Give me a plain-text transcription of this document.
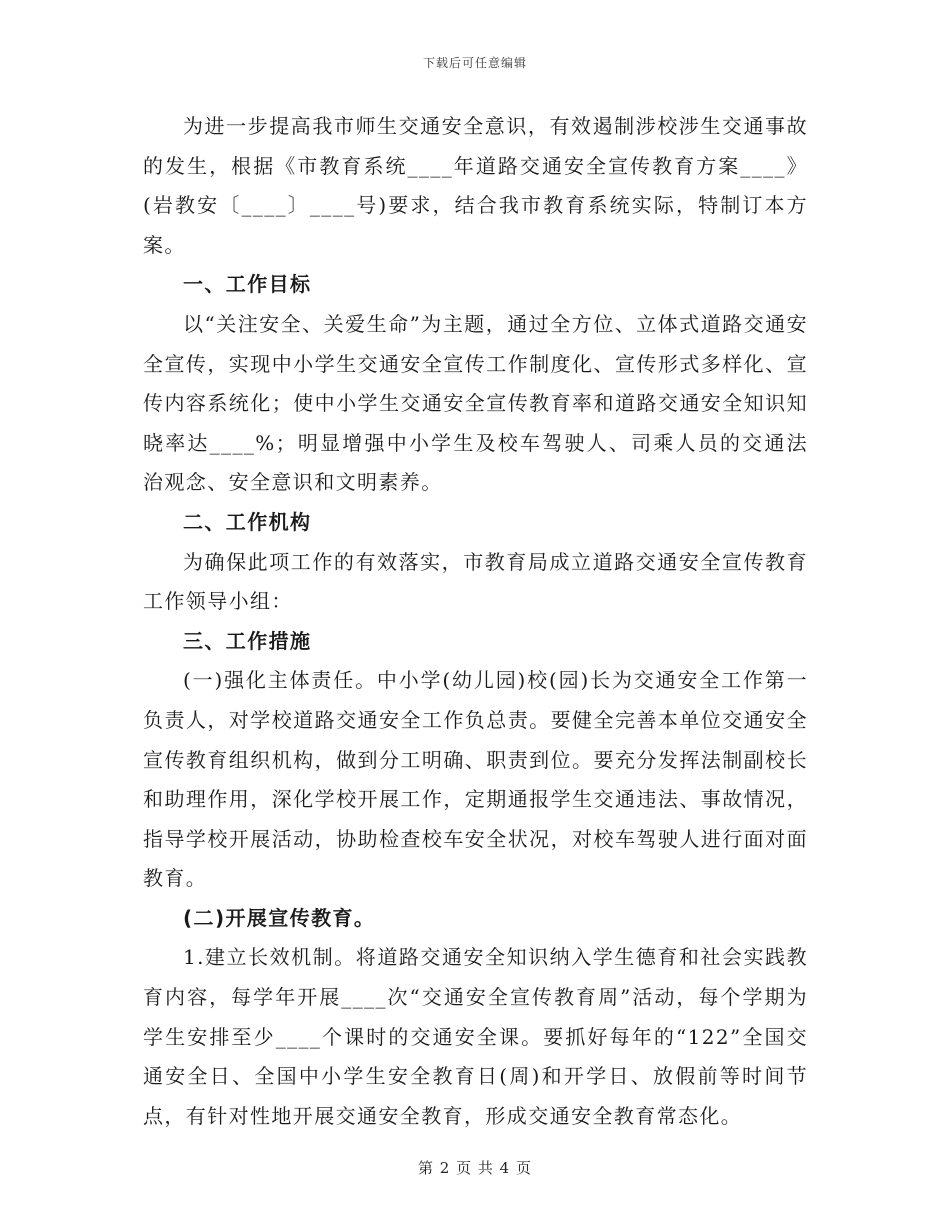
下载后可任意编辑

为进一步提高我市师生交通安全意识，有效遏制涉校涉生交通事故的发生，根据《市教育系统____年道路交通安全宣传教育方案____》(岩教安〔____〕____号)要求，结合我市教育系统实际，特制订本方案。

一、工作目标

以“关注安全、关爱生命”为主题，通过全方位、立体式道路交通安全宣传，实现中小学生交通安全宣传工作制度化、宣传形式多样化、宣传内容系统化；使中小学生交通安全宣传教育率和道路交通安全知识知晓率达____%；明显增强中小学生及校车驾驶人、司乘人员的交通法治观念、安全意识和文明素养。

二、工作机构

为确保此项工作的有效落实，市教育局成立道路交通安全宣传教育工作领导小组：

三、工作措施

(一)强化主体责任。中小学(幼儿园)校(园)长为交通安全工作第一负责人，对学校道路交通安全工作负总责。要健全完善本单位交通安全宣传教育组织机构，做到分工明确、职责到位。要充分发挥法制副校长和助理作用，深化学校开展工作，定期通报学生交通违法、事故情况，指导学校开展活动，协助检查校车安全状况，对校车驾驶人进行面对面教育。

(二)开展宣传教育。

1.建立长效机制。将道路交通安全知识纳入学生德育和社会实践教育内容，每学年开展____次“交通安全宣传教育周”活动，每个学期为学生安排至少____个课时的交通安全课。要抓好每年的“122”全国交通安全日、全国中小学生安全教育日(周)和开学日、放假前等时间节点，有针对性地开展交通安全教育，形成交通安全教育常态化。

第 2 页 共 4 页
